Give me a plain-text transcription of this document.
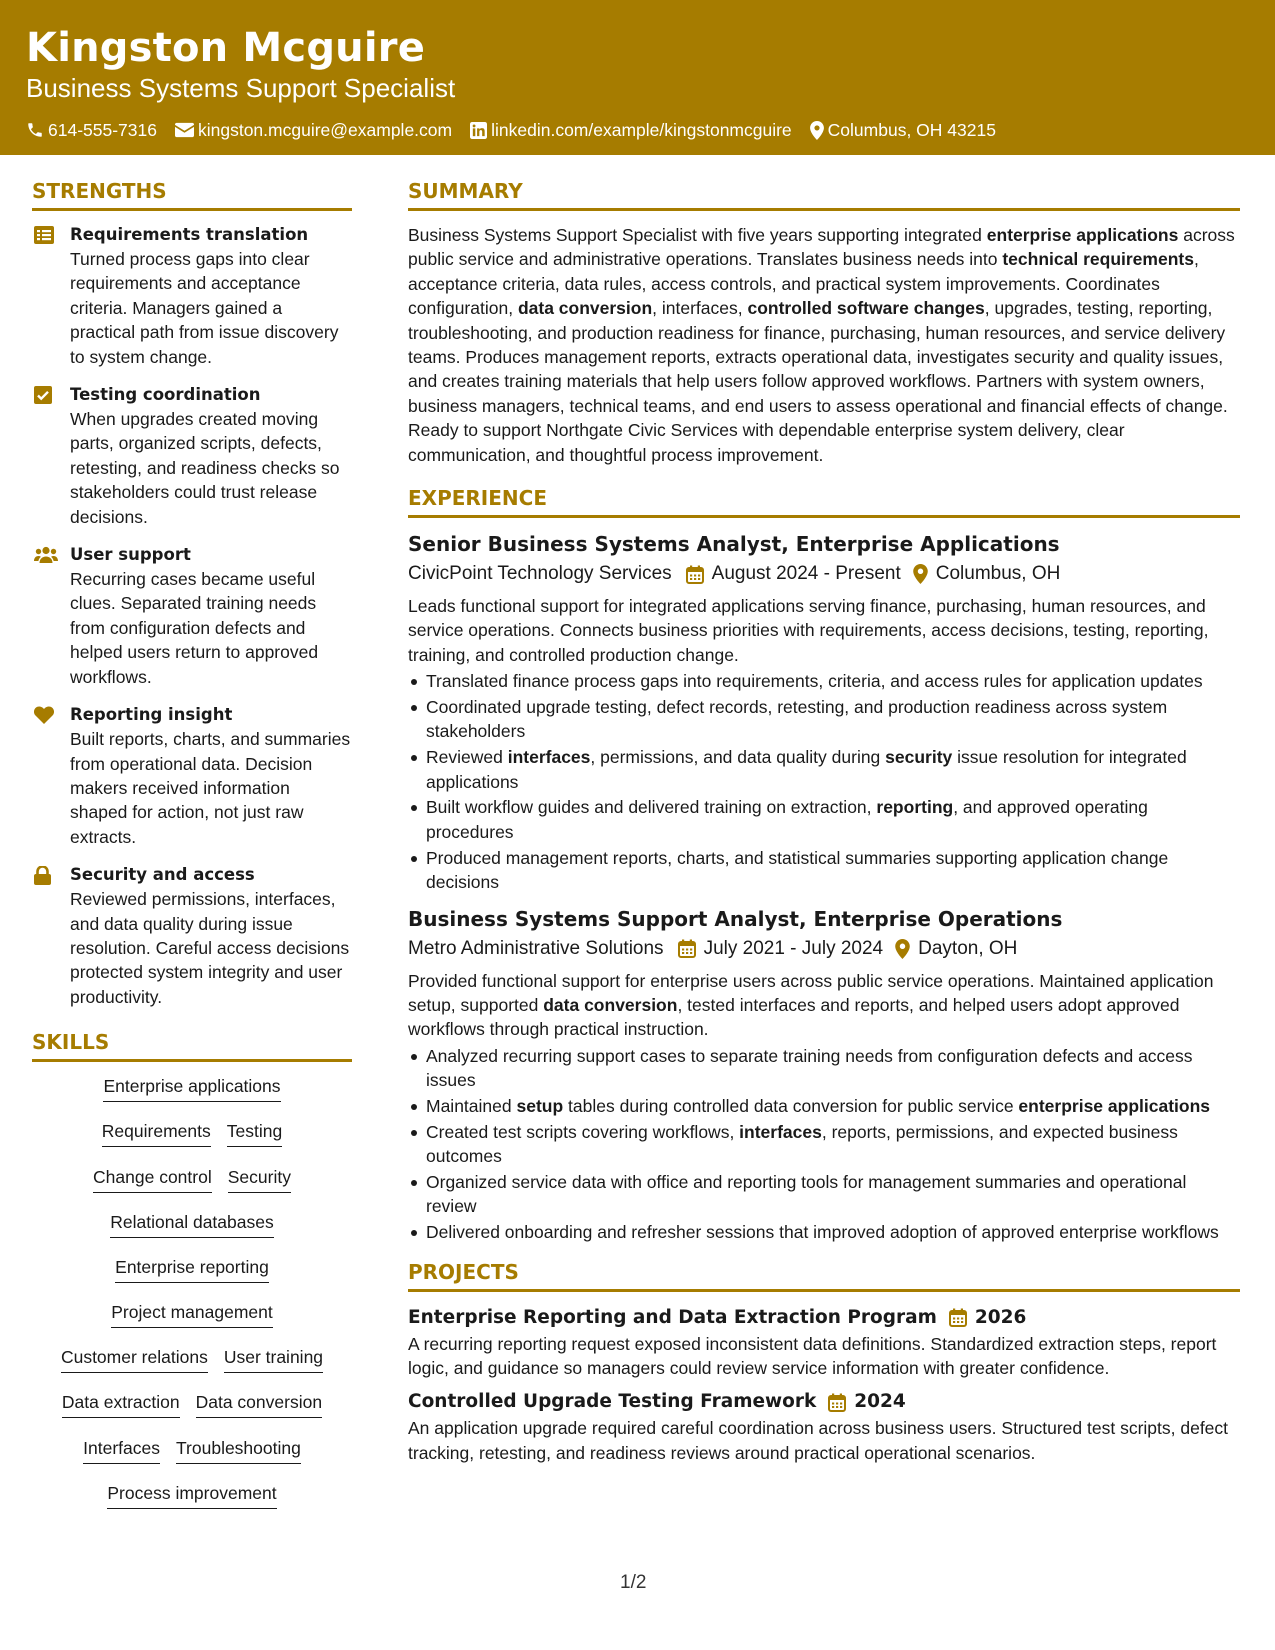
Kingston Mcguire
Business Systems Support Specialist
614-555-7316 kingston.mcguire@example.com linkedin.com/example/kingstonmcguire Columbus, OH 43215
STRENGTHS
Requirements translation
Turned process gaps into clear requirements and acceptance criteria. Managers gained a practical path from issue discovery to system change.
Testing coordination
When upgrades created moving parts, organized scripts, defects, retesting, and readiness checks so stakeholders could trust release decisions.
User support
Recurring cases became useful clues. Separated training needs from configuration defects and helped users return to approved workflows.
Reporting insight
Built reports, charts, and summaries from operational data. Decision makers received information shaped for action, not just raw extracts.
Security and access
Reviewed permissions, interfaces, and data quality during issue resolution. Careful access decisions protected system integrity and user productivity.
SKILLS
Enterprise applications
Requirements Testing
Change control Security
Relational databases
Enterprise reporting
Project management
Customer relations User training
Data extraction Data conversion
Interfaces Troubleshooting
Process improvement
SUMMARY
Business Systems Support Specialist with five years supporting integrated enterprise applications across public service and administrative operations. Translates business needs into technical requirements, acceptance criteria, data rules, access controls, and practical system improvements. Coordinates configuration, data conversion, interfaces, controlled software changes, upgrades, testing, reporting, troubleshooting, and production readiness for finance, purchasing, human resources, and service delivery teams. Produces management reports, extracts operational data, investigates security and quality issues, and creates training materials that help users follow approved workflows. Partners with system owners, business managers, technical teams, and end users to assess operational and financial effects of change. Ready to support Northgate Civic Services with dependable enterprise system delivery, clear communication, and thoughtful process improvement.
EXPERIENCE
Senior Business Systems Analyst, Enterprise Applications
CivicPoint Technology Services	August 2024 - Present	Columbus, OH
Leads functional support for integrated applications serving finance, purchasing, human resources, and service operations. Connects business priorities with requirements, access decisions, testing, reporting, training, and controlled production change.
Translated finance process gaps into requirements, criteria, and access rules for application updates
Coordinated upgrade testing, defect records, retesting, and production readiness across system stakeholders
Reviewed interfaces, permissions, and data quality during security issue resolution for integrated applications
Built workflow guides and delivered training on extraction, reporting, and approved operating procedures
Produced management reports, charts, and statistical summaries supporting application change decisions
Business Systems Support Analyst, Enterprise Operations
Metro Administrative Solutions	July 2021 - July 2024	Dayton, OH
Provided functional support for enterprise users across public service operations. Maintained application setup, supported data conversion, tested interfaces and reports, and helped users adopt approved workflows through practical instruction.
Analyzed recurring support cases to separate training needs from configuration defects and access issues
Maintained setup tables during controlled data conversion for public service enterprise applications
Created test scripts covering workflows, interfaces, reports, permissions, and expected business outcomes
Organized service data with office and reporting tools for management summaries and operational review
Delivered onboarding and refresher sessions that improved adoption of approved enterprise workflows
PROJECTS
Enterprise Reporting and Data Extraction Program 2026
A recurring reporting request exposed inconsistent data definitions. Standardized extraction steps, report logic, and guidance so managers could review service information with greater confidence.
Controlled Upgrade Testing Framework 2024
An application upgrade required careful coordination across business users. Structured test scripts, defect tracking, retesting, and readiness reviews around practical operational scenarios.
1/2
